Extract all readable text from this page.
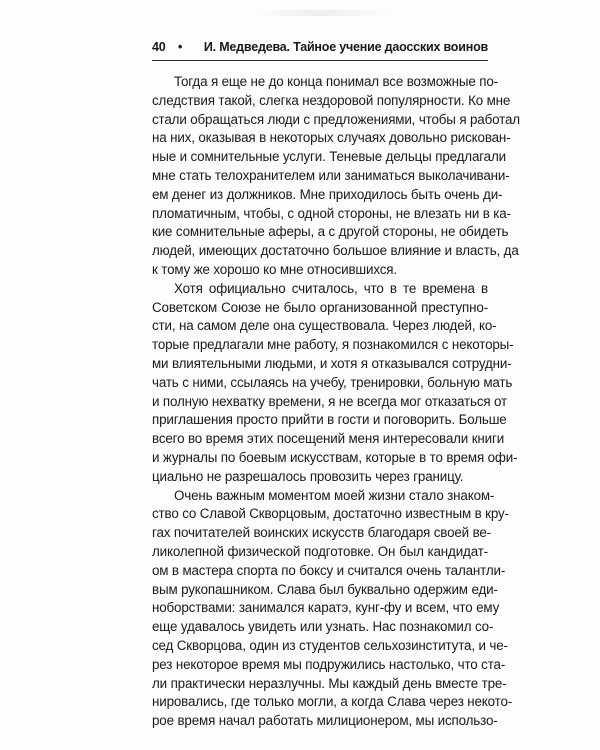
40 • И. Медведева. Тайное учение даосских воинов

Тогда я еще не до конца понимал все возможные по-
следствия такой, слегка нездоровой популярности. Ко мне
стали обращаться люди с предложениями, чтобы я работал
на них, оказывая в некоторых случаях довольно рискован-
ные и сомнительные услуги. Теневые дельцы предлагали
мне стать телохранителем или заниматься выколачивани-
ем денег из должников. Мне приходилось быть очень ди-
пломатичным, чтобы, с одной стороны, не влезать ни в ка-
кие сомнительные аферы, а с другой стороны, не обидеть
людей, имеющих достаточно большое влияние и власть, да
к тому же хорошо ко мне относившихся.

Хотя официально считалось, что в те времена в
Советском Союзе не было организованной преступно-
сти, на самом деле она существовала. Через людей, ко-
торые предлагали мне работу, я познакомился с некоторы-
ми влиятельными людьми, и хотя я отказывался сотрудни-
чать с ними, ссылаясь на учебу, тренировки, больную мать
и полную нехватку времени, я не всегда мог отказаться от
приглашения просто прийти в гости и поговорить. Больше
всего во время этих посещений меня интересовали книги
и журналы по боевым искусствам, которые в то время офи-
циально не разрешалось провозить через границу.

Очень важным моментом моей жизни стало знаком-
ство со Славой Скворцовым, достаточно известным в кру-
гах почитателей воинских искусств благодаря своей ве-
ликолепной физической подготовке. Он был кандидат-
ом в мастера спорта по боксу и считался очень талантли-
вым рукопашником. Слава был буквально одержим еди-
ноборствами: занимался каратэ, кунг-фу и всем, что ему
еще удавалось увидеть или узнать. Нас познакомил со-
сед Скворцова, один из студентов сельхозинститута, и че-
рез некоторое время мы подружились настолько, что ста-
ли практически неразлучны. Мы каждый день вместе тре-
нировались, где только могли, а когда Слава через некото-
рое время начал работать милиционером, мы использо-
